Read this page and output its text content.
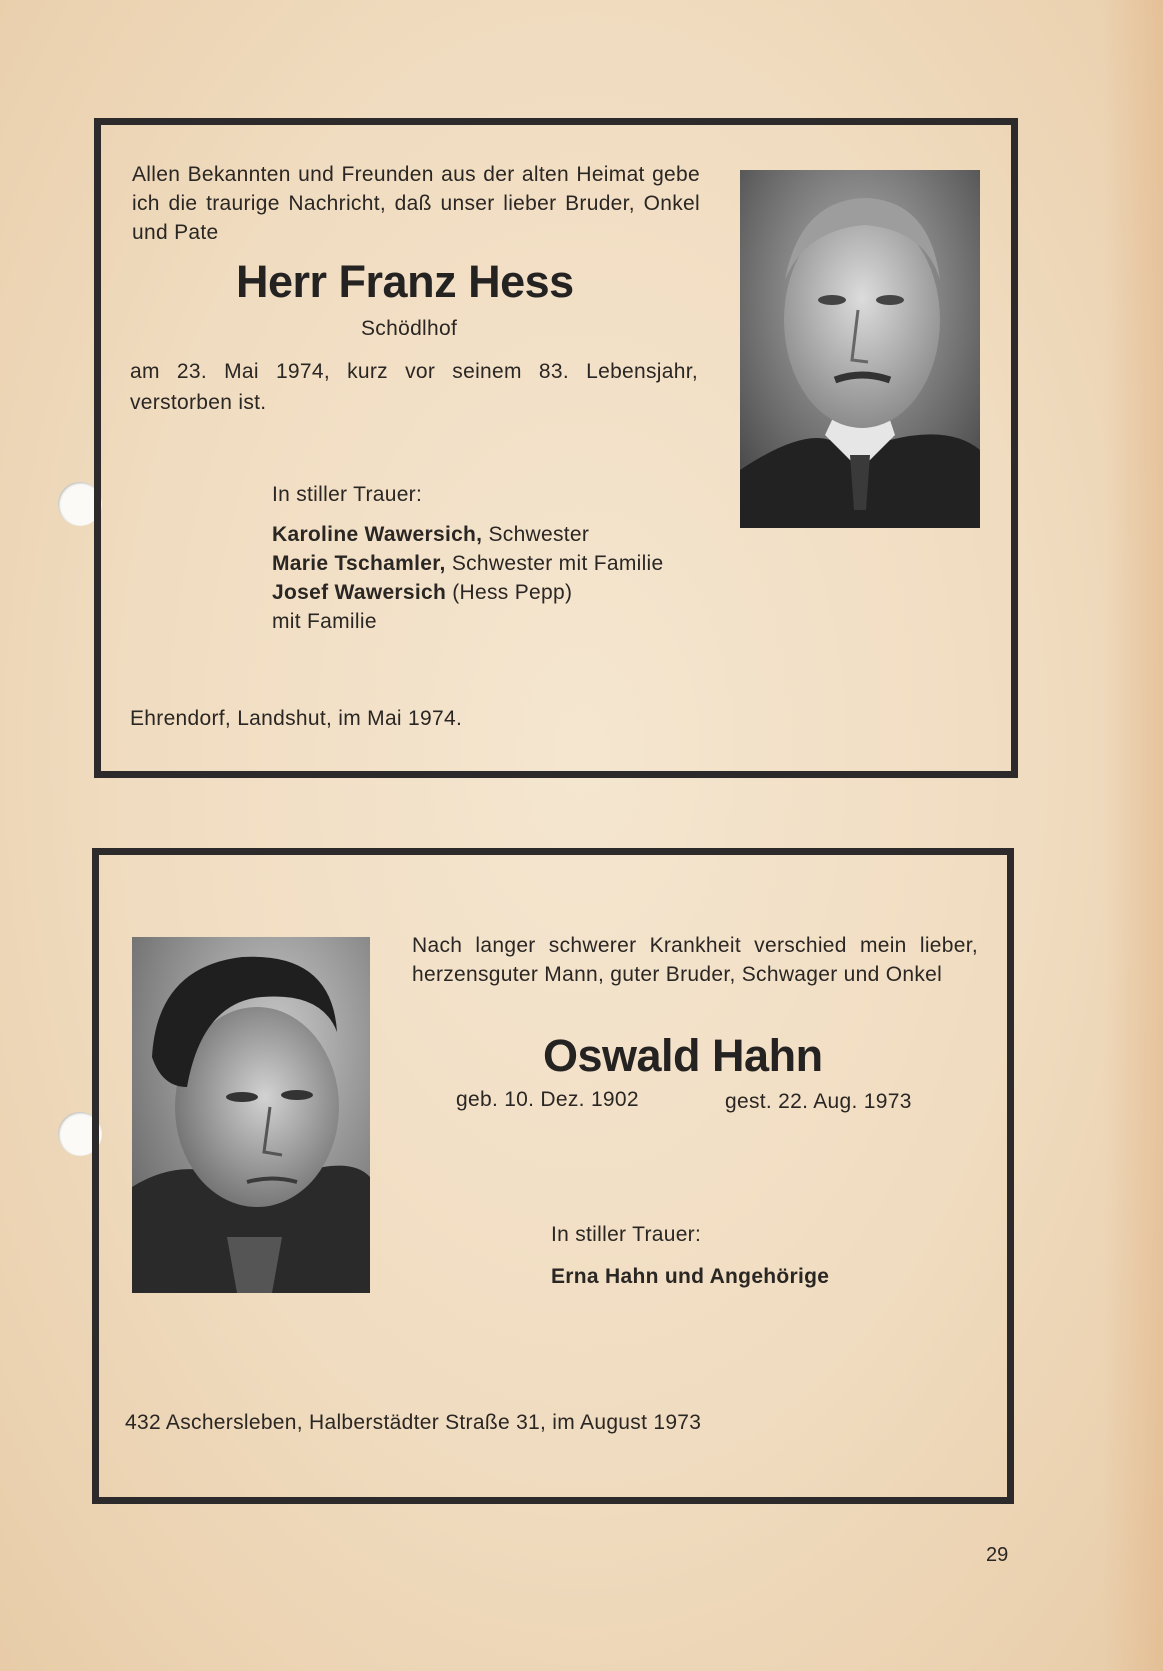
Allen Bekannten und Freunden aus der alten Heimat gebe ich die traurige Nachricht, daß unser lieber Bruder, Onkel und Pate

Herr Franz Hess
Schödlhof

am 23. Mai 1974, kurz vor seinem 83. Lebensjahr, verstorben ist.

In stiller Trauer:
Karoline Wawersich, Schwester
Marie Tschamler, Schwester mit Familie
Josef Wawersich (Hess Pepp)
mit Familie
Ehrendorf, Landshut, im Mai 1974.

Nach langer schwerer Krankheit verschied mein lieber, herzensguter Mann, guter Bruder, Schwager und Onkel

Oswald Hahn
geb. 10. Dez. 1902	gest. 22. Aug. 1973
In stiller Trauer:
Erna Hahn und Angehörige
432 Aschersleben, Halberstädter Straße 31, im August 1973
29
